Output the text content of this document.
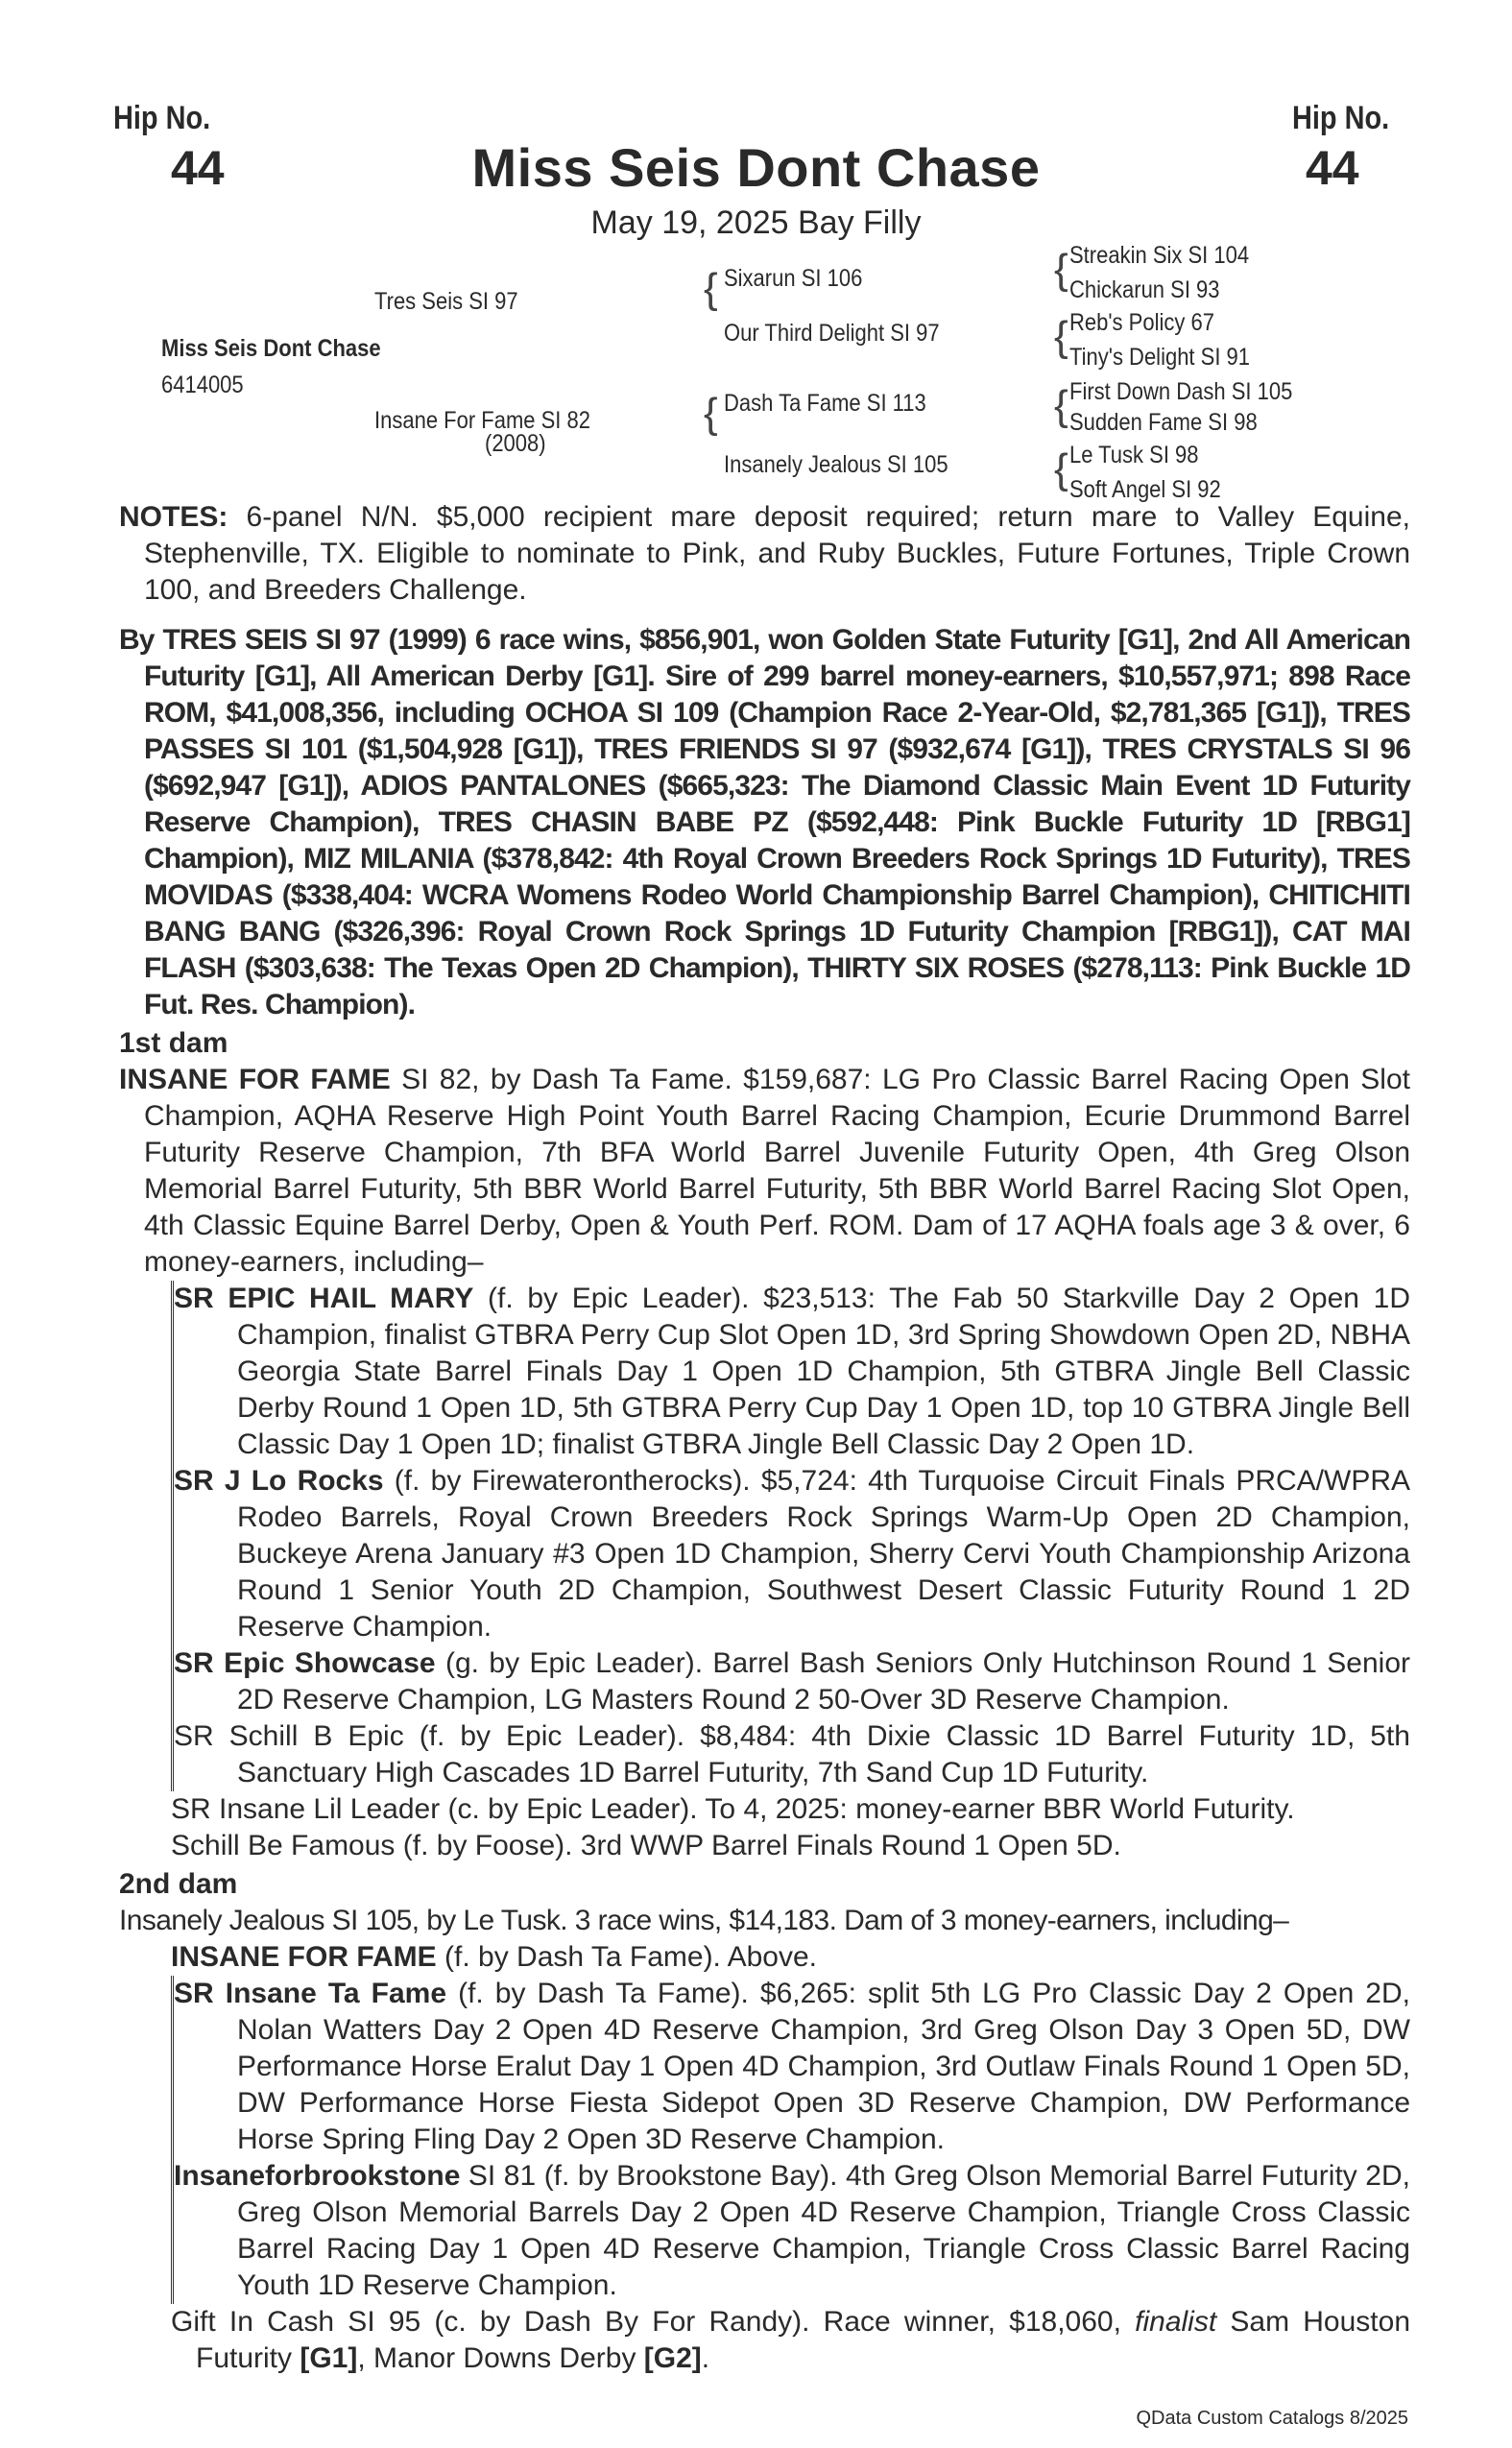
Hip No.
44
Hip No.
44
Miss Seis Dont Chase
May 19, 2025 Bay Filly
Miss Seis Dont Chase
6414005
Tres Seis SI 97
Insane For Fame SI 82
(2008)
{ Sixarun SI 106
Our Third Delight SI 97
{ Dash Ta Fame SI 113
Insanely Jealous SI 105
{ Streakin Six SI 104
Chickarun SI 93
{ Reb's Policy 67
Tiny's Delight SI 91
{ First Down Dash SI 105
Sudden Fame SI 98
{ Le Tusk SI 98
Soft Angel SI 92

NOTES: 6-panel N/N. $5,000 recipient mare deposit required; return mare to Valley Equine, Stephenville, TX. Eligible to nominate to Pink, and Ruby Buckles, Future Fortunes, Triple Crown 100, and Breeders Challenge.

By TRES SEIS SI 97 (1999) 6 race wins, $856,901, won Golden State Futurity [G1], 2nd All American Futurity [G1], All American Derby [G1]. Sire of 299 barrel money-earners, $10,557,971; 898 Race ROM, $41,008,356, including OCHOA SI 109 (Champion Race 2-Year-Old, $2,781,365 [G1]), TRES PASSES SI 101 ($1,504,928 [G1]), TRES FRIENDS SI 97 ($932,674 [G1]), TRES CRYSTALS SI 96 ($692,947 [G1]), ADIOS PANTALONES ($665,323: The Diamond Classic Main Event 1D Futurity Reserve Champion), TRES CHASIN BABE PZ ($592,448: Pink Buckle Futurity 1D [RBG1] Champion), MIZ MILANIA ($378,842: 4th Royal Crown Breeders Rock Springs 1D Futurity), TRES MOVIDAS ($338,404: WCRA Womens Rodeo World Championship Barrel Champion), CHITICHITI BANG BANG ($326,396: Royal Crown Rock Springs 1D Futurity Champion [RBG1]), CAT MAI FLASH ($303,638: The Texas Open 2D Champion), THIRTY SIX ROSES ($278,113: Pink Buckle 1D Fut. Res. Champion).

1st dam

INSANE FOR FAME SI 82, by Dash Ta Fame. $159,687: LG Pro Classic Barrel Racing Open Slot Champion, AQHA Reserve High Point Youth Barrel Racing Champion, Ecurie Drummond Barrel Futurity Reserve Champion, 7th BFA World Barrel Juvenile Futurity Open, 4th Greg Olson Memorial Barrel Futurity, 5th BBR World Barrel Futurity, 5th BBR World Barrel Racing Slot Open, 4th Classic Equine Barrel Derby, Open & Youth Perf. ROM. Dam of 17 AQHA foals age 3 & over, 6 money-earners, including–

SR EPIC HAIL MARY (f. by Epic Leader). $23,513: The Fab 50 Starkville Day 2 Open 1D Champion, finalist GTBRA Perry Cup Slot Open 1D, 3rd Spring Showdown Open 2D, NBHA Georgia State Barrel Finals Day 1 Open 1D Champion, 5th GTBRA Jingle Bell Classic Derby Round 1 Open 1D, 5th GTBRA Perry Cup Day 1 Open 1D, top 10 GTBRA Jingle Bell Classic Day 1 Open 1D; finalist GTBRA Jingle Bell Classic Day 2 Open 1D.

SR J Lo Rocks (f. by Firewaterontherocks). $5,724: 4th Turquoise Circuit Finals PRCA/WPRA Rodeo Barrels, Royal Crown Breeders Rock Springs Warm-Up Open 2D Champion, Buckeye Arena January #3 Open 1D Champion, Sherry Cervi Youth Championship Arizona Round 1 Senior Youth 2D Champion, Southwest Desert Classic Futurity Round 1 2D Reserve Champion.

SR Epic Showcase (g. by Epic Leader). Barrel Bash Seniors Only Hutchinson Round 1 Senior 2D Reserve Champion, LG Masters Round 2 50-Over 3D Reserve Champion.

SR Schill B Epic (f. by Epic Leader). $8,484: 4th Dixie Classic 1D Barrel Futurity 1D, 5th Sanctuary High Cascades 1D Barrel Futurity, 7th Sand Cup 1D Futurity.

SR Insane Lil Leader (c. by Epic Leader). To 4, 2025: money-earner BBR World Futurity.

Schill Be Famous (f. by Foose). 3rd WWP Barrel Finals Round 1 Open 5D.

2nd dam

Insanely Jealous SI 105, by Le Tusk. 3 race wins, $14,183. Dam of 3 money-earners, including–

INSANE FOR FAME (f. by Dash Ta Fame). Above.

SR Insane Ta Fame (f. by Dash Ta Fame). $6,265: split 5th LG Pro Classic Day 2 Open 2D, Nolan Watters Day 2 Open 4D Reserve Champion, 3rd Greg Olson Day 3 Open 5D, DW Performance Horse Eralut Day 1 Open 4D Champion, 3rd Outlaw Finals Round 1 Open 5D, DW Performance Horse Fiesta Sidepot Open 3D Reserve Champion, DW Performance Horse Spring Fling Day 2 Open 3D Reserve Champion.

Insaneforbrookstone SI 81 (f. by Brookstone Bay). 4th Greg Olson Memorial Barrel Futurity 2D, Greg Olson Memorial Barrels Day 2 Open 4D Reserve Champion, Triangle Cross Classic Barrel Racing Day 1 Open 4D Reserve Champion, Triangle Cross Classic Barrel Racing Youth 1D Reserve Champion.

Gift In Cash SI 95 (c. by Dash By For Randy). Race winner, $18,060, finalist Sam Houston Futurity [G1], Manor Downs Derby [G2].

QData Custom Catalogs 8/2025
